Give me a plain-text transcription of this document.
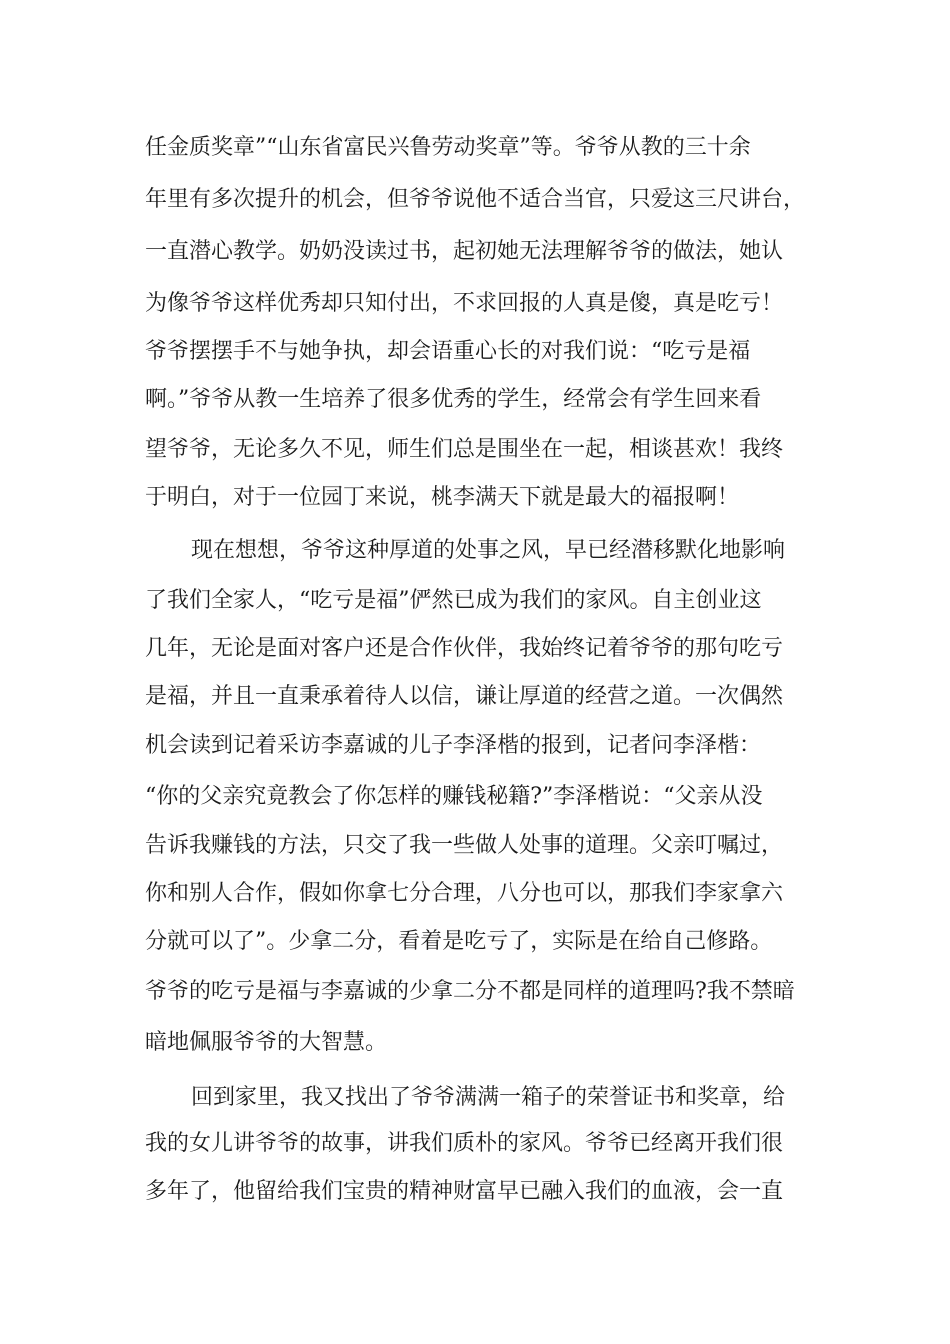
任金质奖章”“山东省富民兴鲁劳动奖章”等。爷爷从教的三十余
年里有多次提升的机会，但爷爷说他不适合当官，只爱这三尺讲台，
一直潜心教学。奶奶没读过书，起初她无法理解爷爷的做法，她认
为像爷爷这样优秀却只知付出，不求回报的人真是傻，真是吃亏！
爷爷摆摆手不与她争执，却会语重心长的对我们说：“吃亏是福
啊。”爷爷从教一生培养了很多优秀的学生，经常会有学生回来看
望爷爷，无论多久不见，师生们总是围坐在一起，相谈甚欢！我终
于明白，对于一位园丁来说，桃李满天下就是最大的福报啊！
现在想想，爷爷这种厚道的处事之风，早已经潜移默化地影响
了我们全家人，“吃亏是福”俨然已成为我们的家风。自主创业这
几年，无论是面对客户还是合作伙伴，我始终记着爷爷的那句吃亏
是福，并且一直秉承着待人以信，谦让厚道的经营之道。一次偶然
机会读到记着采访李嘉诚的儿子李泽楷的报到，记者问李泽楷：
“你的父亲究竟教会了你怎样的赚钱秘籍?”李泽楷说：“父亲从没
告诉我赚钱的方法，只交了我一些做人处事的道理。父亲叮嘱过，
你和别人合作，假如你拿七分合理，八分也可以，那我们李家拿六
分就可以了”。少拿二分，看着是吃亏了，实际是在给自己修路。
爷爷的吃亏是福与李嘉诚的少拿二分不都是同样的道理吗?我不禁暗
暗地佩服爷爷的大智慧。
回到家里，我又找出了爷爷满满一箱子的荣誉证书和奖章，给
我的女儿讲爷爷的故事，讲我们质朴的家风。爷爷已经离开我们很
多年了，他留给我们宝贵的精神财富早已融入我们的血液，会一直
